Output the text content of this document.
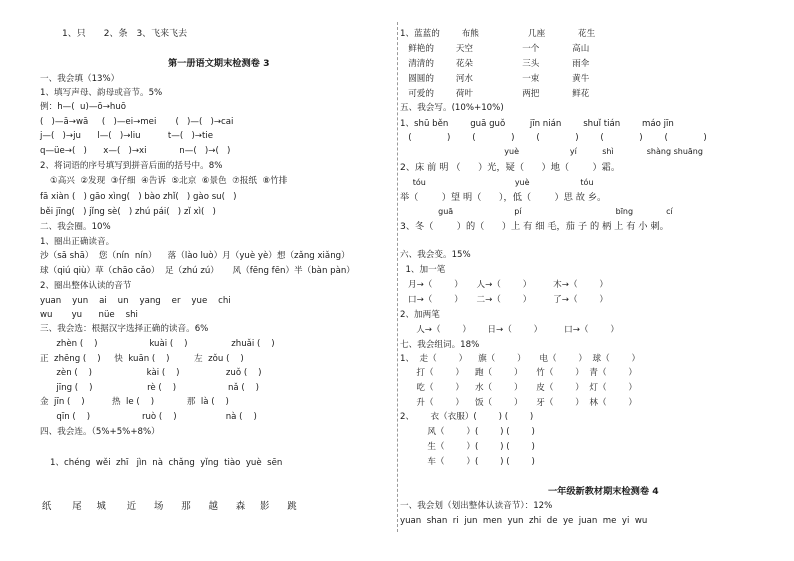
1、只　　2、条　3、飞来飞去
第一册语文期末检测卷 3
一、我会填（13%）
1、填写声母、韵母或音节。5%
例：h—(  u)—ō→huō
(   )—ā→wā     (   )—ei→mei       (   )—(   )→cai
j—(   )→ju      l—(   )→liu          t—(   )→tie
q—üe→(   )      x—(   )→xi            n—(   )→(   )
2、将词语的序号填写到拼音后面的括号中。8%
①高兴  ②发现  ③仔细  ④告诉  ⑤北京  ⑥景色  ⑦报纸  ⑧竹排
fā xiàn (   ) gāo xìng(   ) bào zhǐ(   ) gào su(   )
běi jīng(   ) jǐng sè(   ) zhú pái(   ) zǐ xì(   )
二、我会圈。10%
1、圈出正确读音。
沙（sā shā）  您（nín  nín）    落（lào luò）月（yuè yè）想（zǎng xiǎng）
球（qiú qiù）草（chāo cǎo）  足（zhú zú）     风（fēng fēn）半（bàn pàn）
2、圈出整体认读的音节
yuan    yun    ai    un    yang    er    yue    chi
wu       yu      nüe    shi
三、我会选：根据汉字选择正确的读音。6%
zhèn (    )                   kuài (    )                zhuǎi (    )
正  zhēng (    )     快  kuān (    )         左  zǒu (    )
zèn (    )                    kài (    )                 zuǒ (    )
jīng (    )                    rè (    )                   nǎ (    )
金  jīn (    )          热  le (    )            那  là (    )
qīn (    )                   ruò (    )                  nà (    )
四、我会连。（5%+5%+8%）
1、chéng  wěi  zhī   jìn  nà  chǎng  yǐng  tiào  yuè  sēn
纸       尾     城       近      场      那      越      森     影      跳
1、蓝蓝的        布熊                  几座            花生
鲜艳的        天空                  一个            高山
清清的        花朵                  三头            雨伞
圆圆的        河水                  一束            黄牛
可爱的        荷叶                  两把            鲜花
五、我会写。(10%+10%)
1、shū běn        guā guǒ         jīn nián        shuǐ tián        máo jīn
(             )        (             )        (             )        (             )        (             )
yuè                    yí          shì             shàng shuāng
2、床 前 明 （      ）光，疑（      ）地（        ）霜。
tóu                                   yuè                    tóu
举（        ）望 明（      ），低（        ）思 故 乡。
guā                        pí                                     bīng             cí
3、冬（        ）的（      ）上 有 细 毛，茄 子 的 柄 上 有 小 刺。
六、我会变。15%
1、加一笔
月→（        ）     人→（        ）        木→（        ）
口→（        ）     二→（        ）        了→（        ）
2、加两笔
人→（        ）      日→（        ）        口→（        ）
七、我会组词。18%
1、  走（        ）    旗（        ）     电（        ）  球（        ）
打（        ）    跑（        ）     竹（        ）  青（        ）
吃（        ）    水（        ）     皮（        ）  灯（        ）
升（        ）    饭（        ）     牙（        ）  林（        ）
2、      衣（衣服）(        ) (        )
风（        ）(        ) (        )
生（        ）(        ) (        )
车（        ）(        ) (        )
一年级新教材期末检测卷 4
一、我会划（划出整体认读音节）：12%
yuan  shan  ri  jun  men  yun  zhi  de  ye  juan  me  yi  wu
